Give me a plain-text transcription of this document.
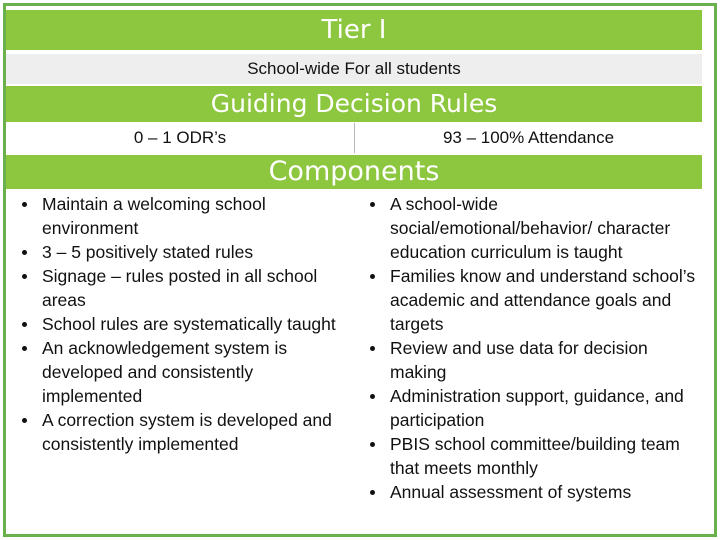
Tier I
School-wide For all students
Guiding Decision Rules
0 – 1 ODR’s	93 – 100% Attendance
Components
Maintain a welcoming school environment
3 – 5 positively stated rules
Signage – rules posted in all school areas
School rules are systematically taught
An acknowledgement system is developed and consistently implemented
A correction system is developed and consistently implemented
A school-wide social/emotional/behavior/ character education curriculum is taught
Families know and understand school’s academic and attendance goals and targets
Review and use data for decision making
Administration support, guidance, and participation
PBIS school committee/building team that meets monthly
Annual assessment of systems
